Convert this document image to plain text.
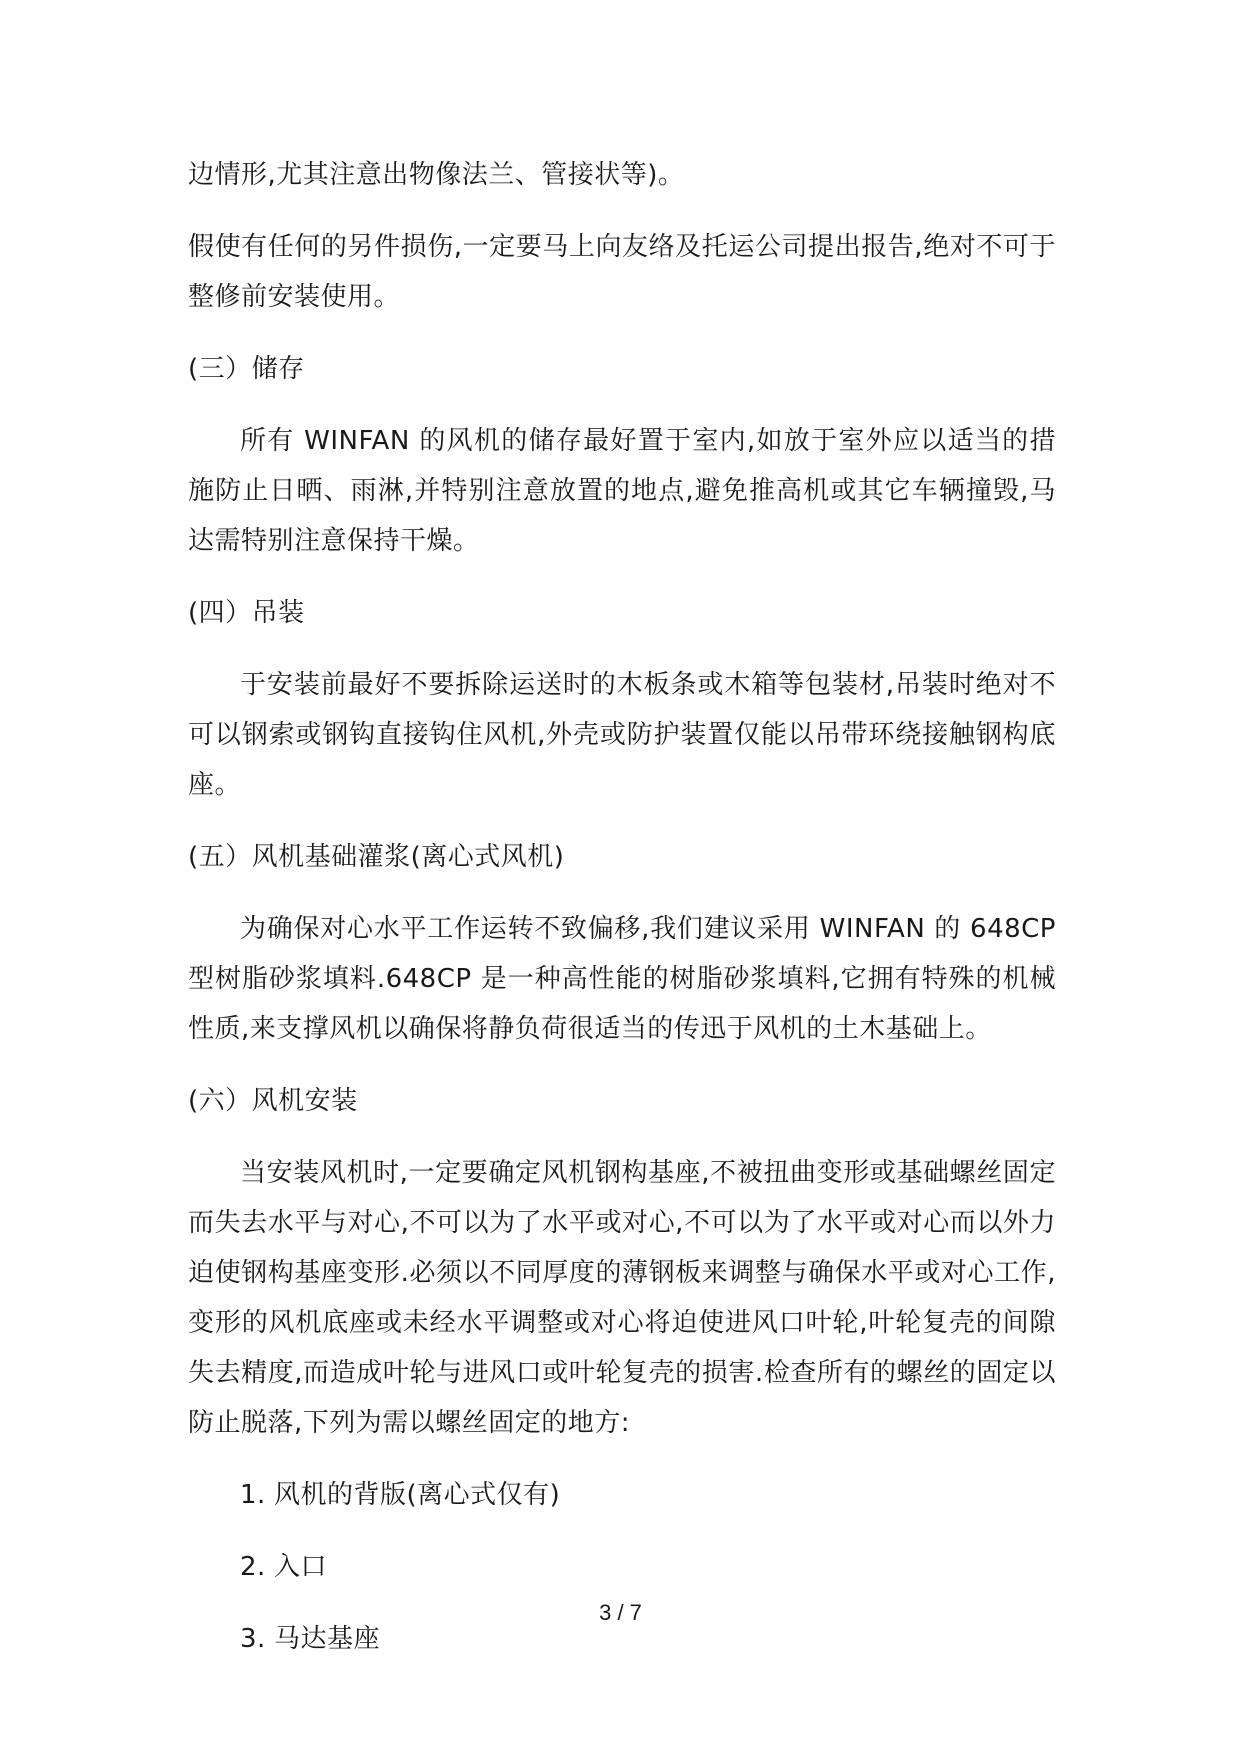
边情形,尤其注意出物像法兰、管接状等)。

假使有任何的另件损伤,一定要马上向友络及托运公司提出报告,绝对不可于整修前安装使用。

(三）储存

所有 WINFAN 的风机的储存最好置于室内,如放于室外应以适当的措施防止日晒、雨淋,并特别注意放置的地点,避免推高机或其它车辆撞毁,马达需特别注意保持干燥。

(四）吊装

于安装前最好不要拆除运送时的木板条或木箱等包装材,吊装时绝对不可以钢索或钢钩直接钩住风机,外壳或防护装置仅能以吊带环绕接触钢构底座。

(五）风机基础灌浆(离心式风机)

为确保对心水平工作运转不致偏移,我们建议采用 WINFAN 的 648CP 型树脂砂浆填料.648CP 是一种高性能的树脂砂浆填料,它拥有特殊的机械性质,来支撑风机以确保将静负荷很适当的传迅于风机的土木基础上。

(六）风机安装

当安装风机时,一定要确定风机钢构基座,不被扭曲变形或基础螺丝固定而失去水平与对心,不可以为了水平或对心,不可以为了水平或对心而以外力迫使钢构基座变形.必须以不同厚度的薄钢板来调整与确保水平或对心工作,变形的风机底座或未经水平调整或对心将迫使进风口叶轮,叶轮复壳的间隙失去精度,而造成叶轮与进风口或叶轮复壳的损害.检查所有的螺丝的固定以防止脱落,下列为需以螺丝固定的地方:

1. 风机的背版(离心式仅有)
2. 入口
3. 马达基座
3 / 7
